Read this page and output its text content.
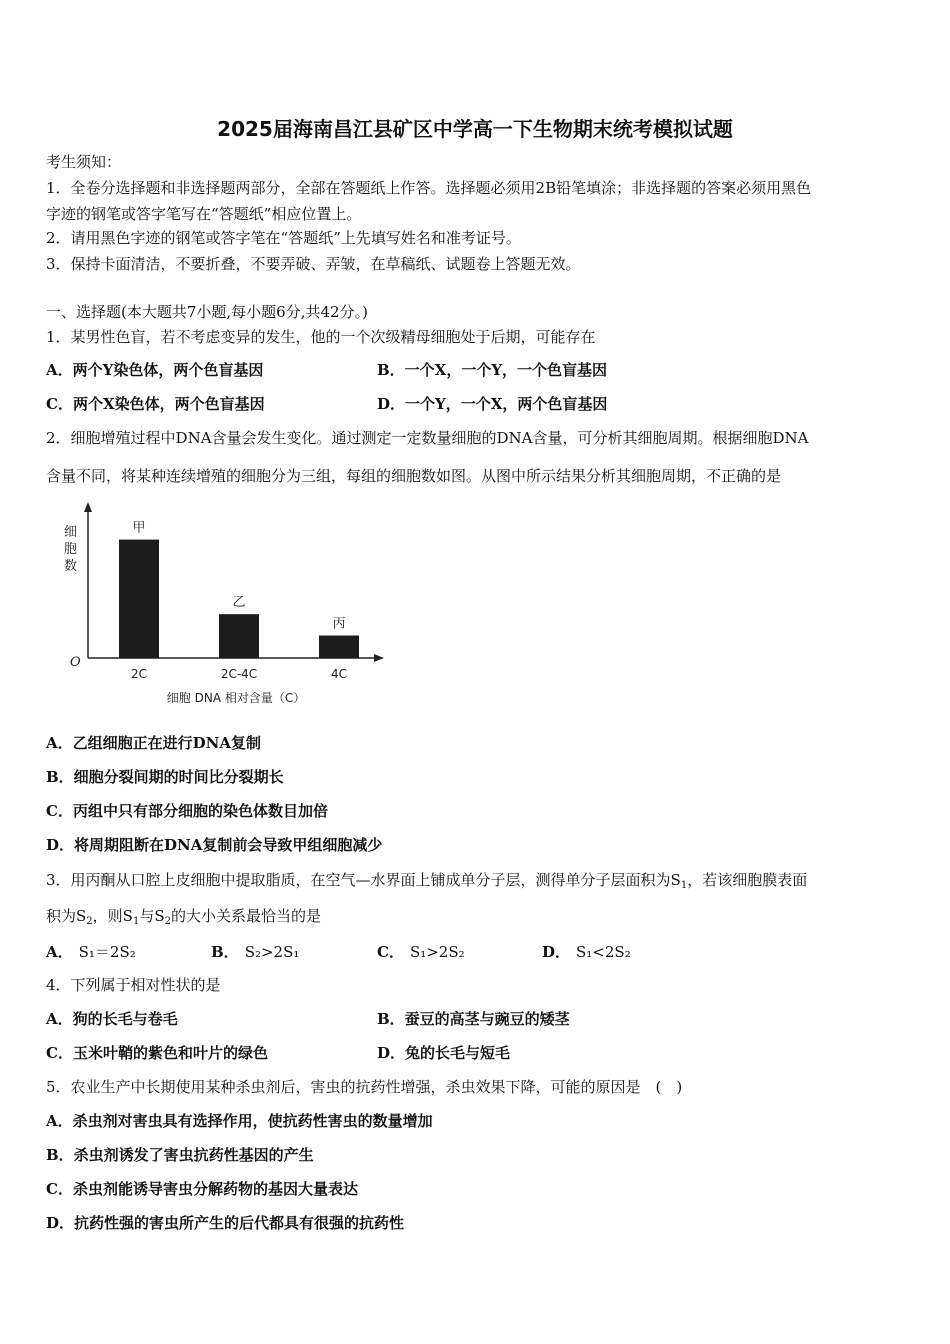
2025届海南昌江县矿区中学高一下生物期末统考模拟试题
考生须知：
1．全卷分选择题和非选择题两部分，全部在答题纸上作答。选择题必须用2B铅笔填涂；非选择题的答案必须用黑色
字迹的钢笔或答字笔写在“答题纸”相应位置上。
2．请用黑色字迹的钢笔或答字笔在“答题纸”上先填写姓名和准考证号。
3．保持卡面清洁，不要折叠，不要弄破、弄皱，在草稿纸、试题卷上答题无效。
一、选择题(本大题共7小题,每小题6分,共42分。)
1．某男性色盲，若不考虑变异的发生，他的一个次级精母细胞处于后期，可能存在
A．两个Y染色体，两个色盲基因	B．一个X，一个Y，一个色盲基因
C．两个X染色体，两个色盲基因	D．一个Y，一个X，两个色盲基因
2．细胞增殖过程中DNA含量会发生变化。通过测定一定数量细胞的DNA含量，可分析其细胞周期。根据细胞DNA
含量不同，将某种连续增殖的细胞分为三组，每组的细胞数如图。从图中所示结果分析其细胞周期，不正确的是
O
细
胞
数
甲
2C
乙
2C-4C
丙
4C
细胞 DNA 相对含量（C）
A．乙组细胞正在进行DNA复制
B．细胞分裂间期的时间比分裂期长
C．丙组中只有部分细胞的染色体数目加倍
D．将周期阻断在DNA复制前会导致甲组细胞减少
3．用丙酮从口腔上皮细胞中提取脂质，在空气—水界面上铺成单分子层，测得单分子层面积为$S_1$，若该细胞膜表面
积为$S_2$，则$S_1$与$S_2$的大小关系最恰当的是
A． S₁＝2S₂	B． S₂>2S₁	C． S₁>2S₂	D． S₁<2S₂
4．下列属于相对性状的是
A．狗的长毛与卷毛	B．蚕豆的高茎与豌豆的矮茎
C．玉米叶鞘的紫色和叶片的绿色	D．兔的长毛与短毛
5．农业生产中长期使用某种杀虫剂后，害虫的抗药性增强，杀虫效果下降，可能的原因是　(　)
A．杀虫剂对害虫具有选择作用，使抗药性害虫的数量增加
B．杀虫剂诱发了害虫抗药性基因的产生
C．杀虫剂能诱导害虫分解药物的基因大量表达
D．抗药性强的害虫所产生的后代都具有很强的抗药性
